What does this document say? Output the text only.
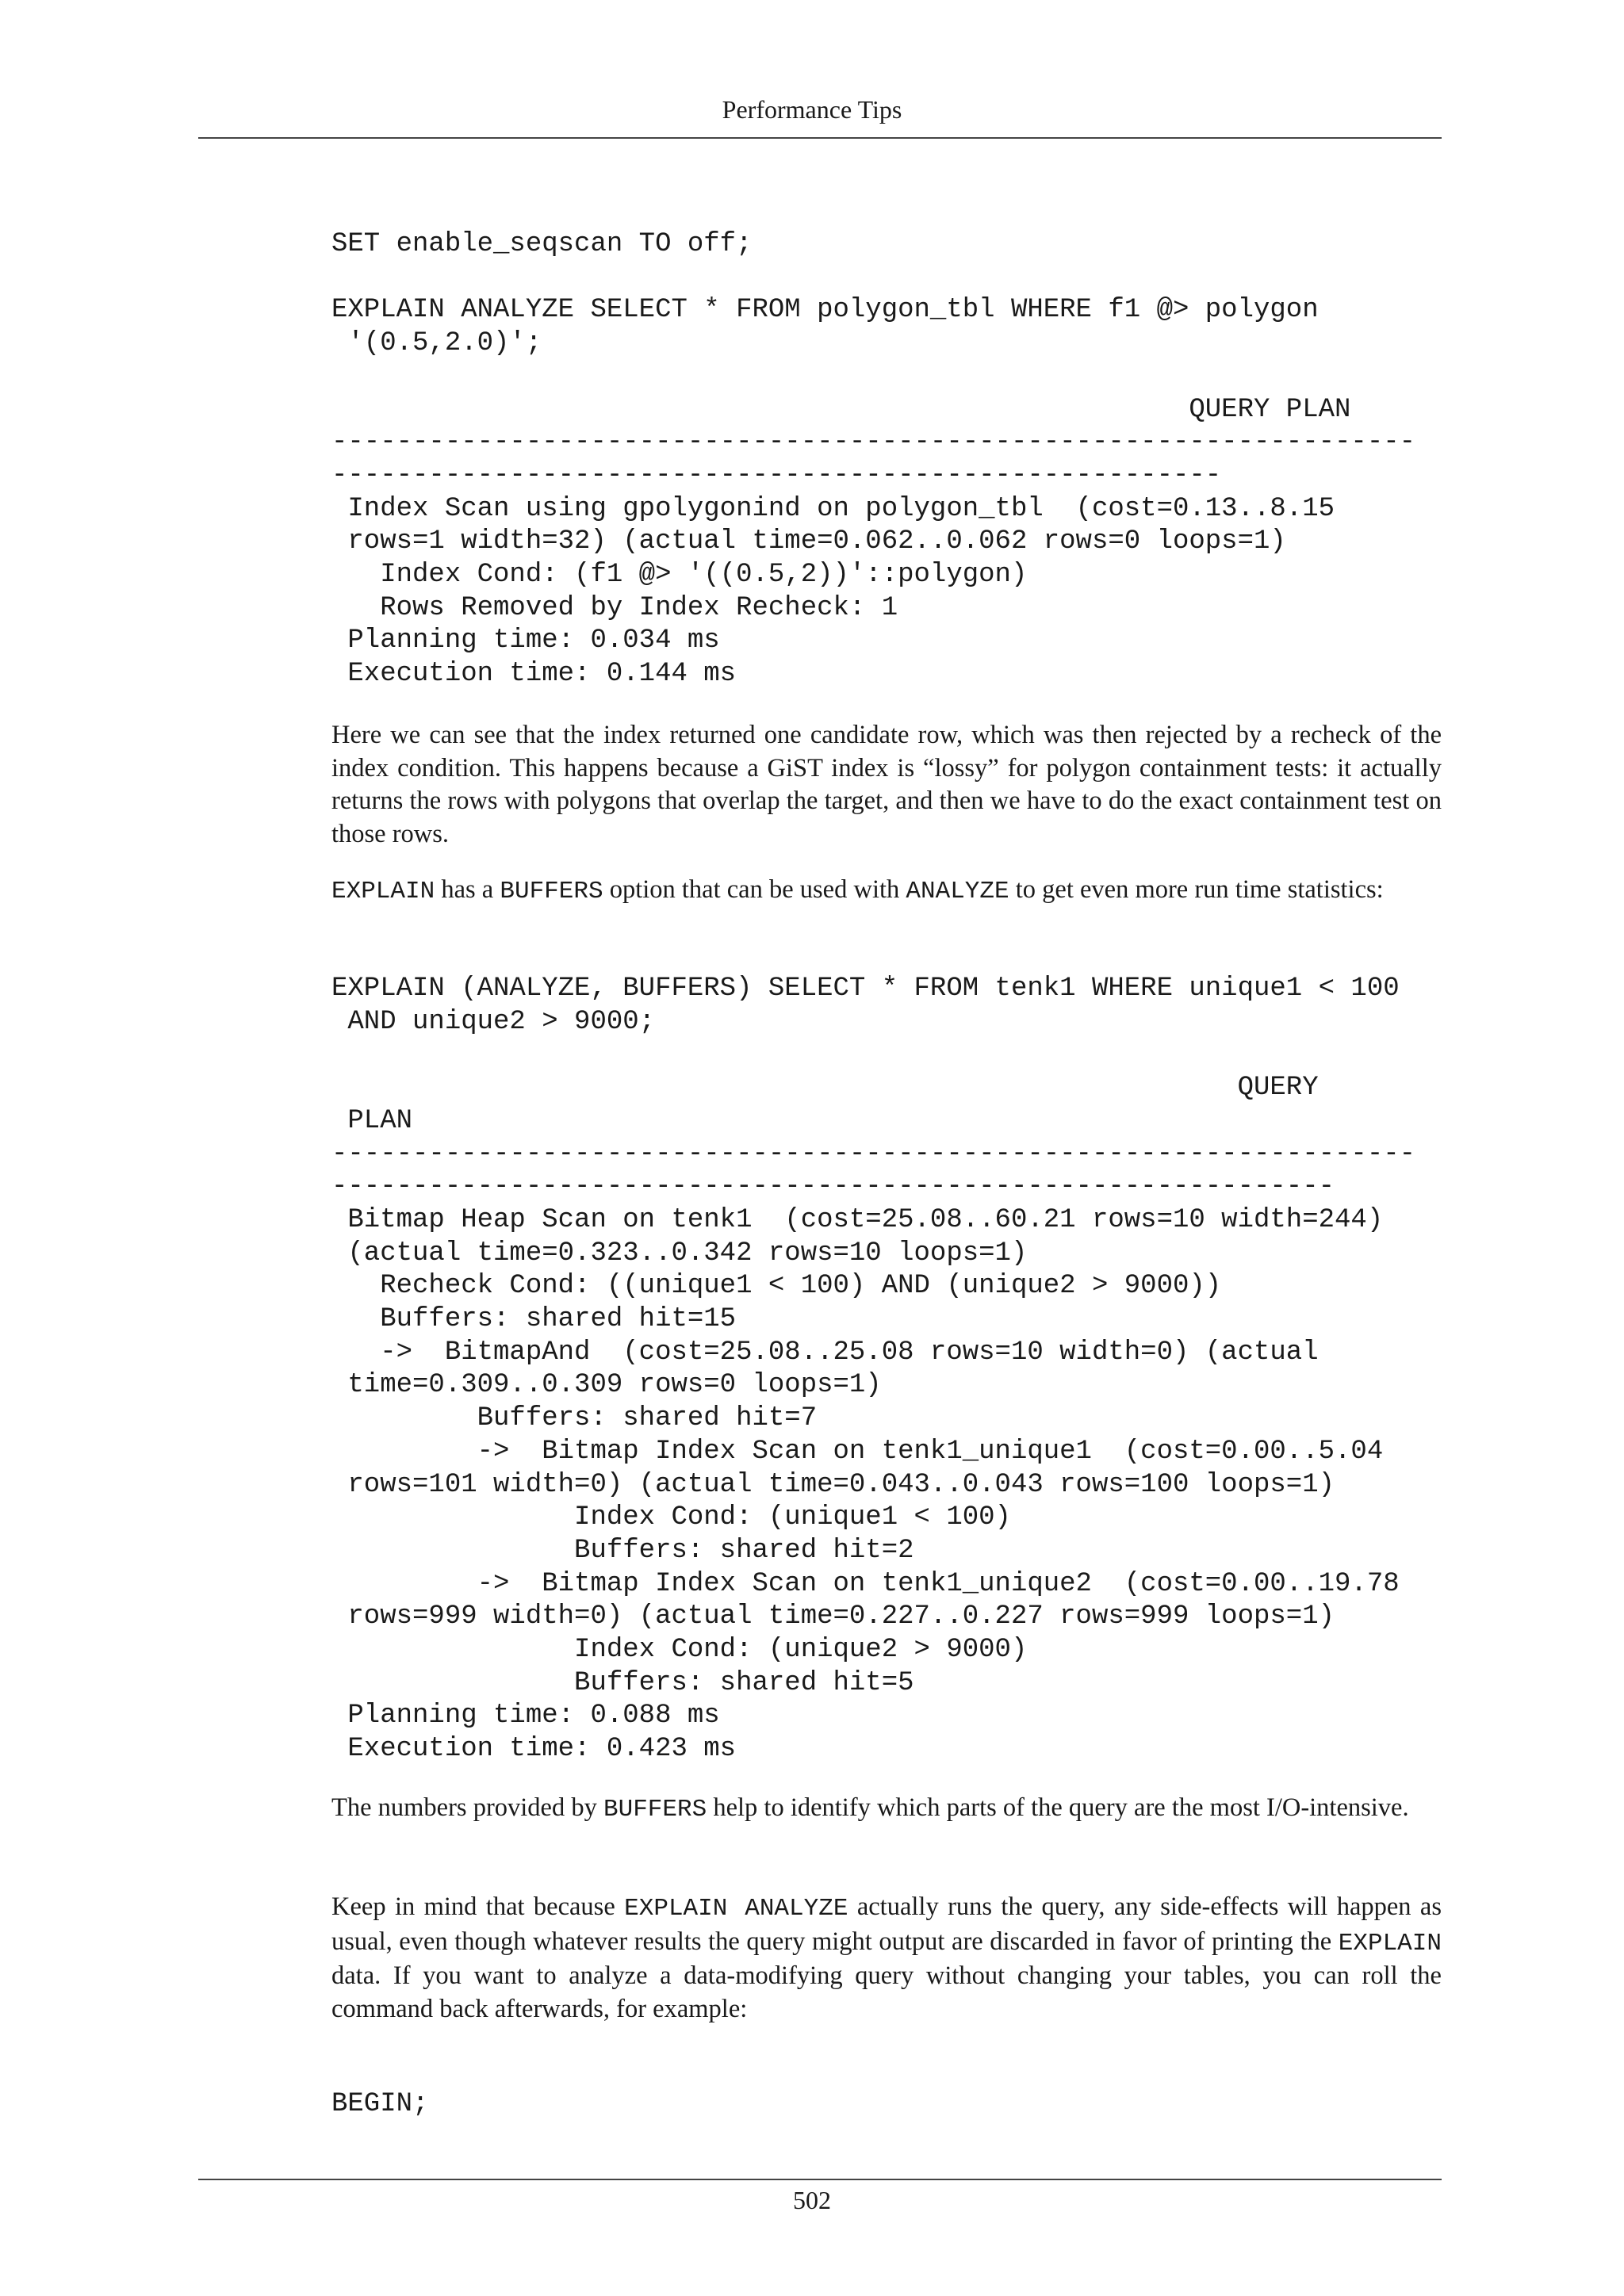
Performance Tips
SET enable_seqscan TO off;

EXPLAIN ANALYZE SELECT * FROM polygon_tbl WHERE f1 @> polygon
'(0.5,2.0)';

QUERY PLAN
-------------------------------------------------------------------
-------------------------------------------------------
Index Scan using gpolygonind on polygon_tbl  (cost=0.13..8.15
rows=1 width=32) (actual time=0.062..0.062 rows=0 loops=1)
Index Cond: (f1 @> '((0.5,2))'::polygon)
Rows Removed by Index Recheck: 1
Planning time: 0.034 ms
Execution time: 0.144 ms

Here we can see that the index returned one candidate row, which was then rejected by a recheck of the index condition. This happens because a GiST index is “lossy” for polygon containment tests: it actually returns the rows with polygons that overlap the target, and then we have to do the exact containment test on those rows.

EXPLAIN has a BUFFERS option that can be used with ANALYZE to get even more run time statistics:

EXPLAIN (ANALYZE, BUFFERS) SELECT * FROM tenk1 WHERE unique1 < 100
AND unique2 > 9000;

QUERY
PLAN
-------------------------------------------------------------------
--------------------------------------------------------------
Bitmap Heap Scan on tenk1  (cost=25.08..60.21 rows=10 width=244)
(actual time=0.323..0.342 rows=10 loops=1)
Recheck Cond: ((unique1 < 100) AND (unique2 > 9000))
Buffers: shared hit=15
->  BitmapAnd  (cost=25.08..25.08 rows=10 width=0) (actual
time=0.309..0.309 rows=0 loops=1)
Buffers: shared hit=7
->  Bitmap Index Scan on tenk1_unique1  (cost=0.00..5.04
rows=101 width=0) (actual time=0.043..0.043 rows=100 loops=1)
Index Cond: (unique1 < 100)
Buffers: shared hit=2
->  Bitmap Index Scan on tenk1_unique2  (cost=0.00..19.78
rows=999 width=0) (actual time=0.227..0.227 rows=999 loops=1)
Index Cond: (unique2 > 9000)
Buffers: shared hit=5
Planning time: 0.088 ms
Execution time: 0.423 ms

The numbers provided by BUFFERS help to identify which parts of the query are the most I/O-intensive.

Keep in mind that because EXPLAIN ANALYZE actually runs the query, any side-effects will happen as usual, even though whatever results the query might output are discarded in favor of printing the EXPLAIN data. If you want to analyze a data-modifying query without changing your tables, you can roll the command back afterwards, for example:

BEGIN;
502
